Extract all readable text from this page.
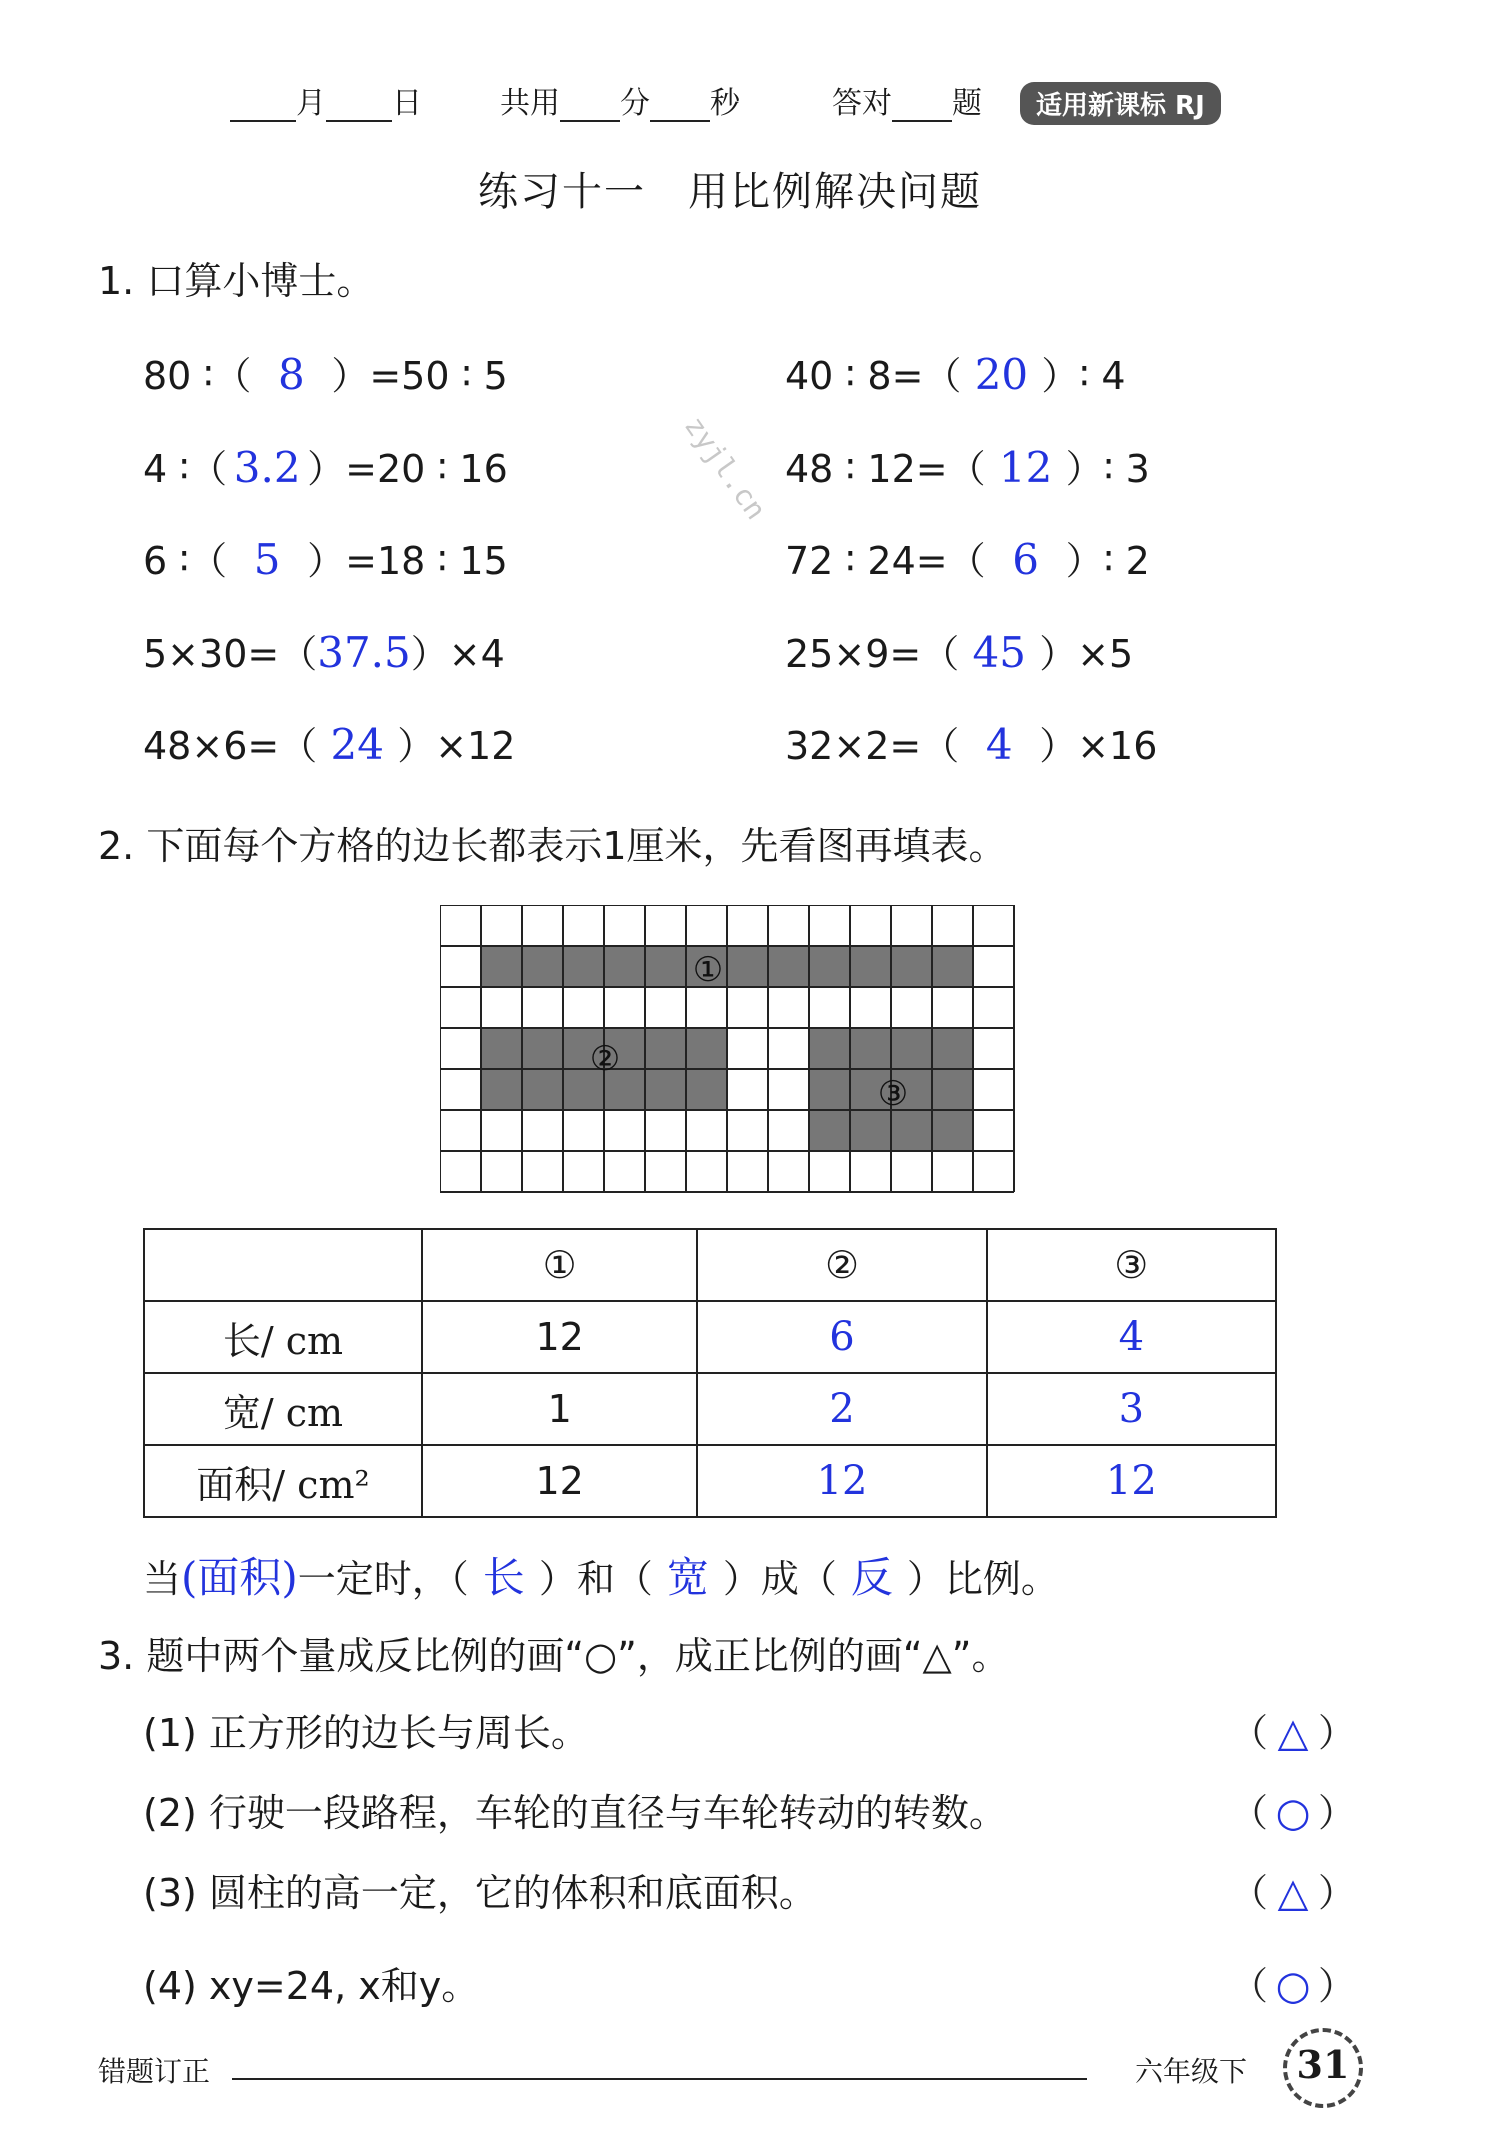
月 日	共用 分 秒	答对 题	适用新课标 RJ
练习十一　用比例解决问题
1. 口算小博士。
80 ∶（ 8 ）=50 ∶ 5
4 ∶（ 3.2 ）=20 ∶ 16
6 ∶（ 5 ）=18 ∶ 15
5×30=（37.5）×4
48×6=（ 24 ）×12
40 ∶ 8=（ 20 ）∶ 4
48 ∶ 12=（ 12 ）∶ 3
72 ∶ 24=（ 6 ）∶ 2
25×9=（ 45 ）×5
32×2=（ 4 ）×16
zyjl.cn
2. 下面每个方格的边长都表示1厘米，先看图再填表。
①
②
③
	①	②	③
长/ cm	12	6	4
宽/ cm	1	2	3
面积/ cm²	12	12	12
当(面积)一定时，（ 长 ）和（ 宽 ）成（ 反 ）比例。
3. 题中两个量成反比例的画“○”，成正比例的画“△”。
(1) 正方形的边长与周长。	（ △ ）
(2) 行驶一段路程，车轮的直径与车轮转动的转数。	（ ○ ）
(3) 圆柱的高一定，它的体积和底面积。	（ △ ）
(4) xy=24, x和y。	（ ○ ）
错题订正	六年级下	31
